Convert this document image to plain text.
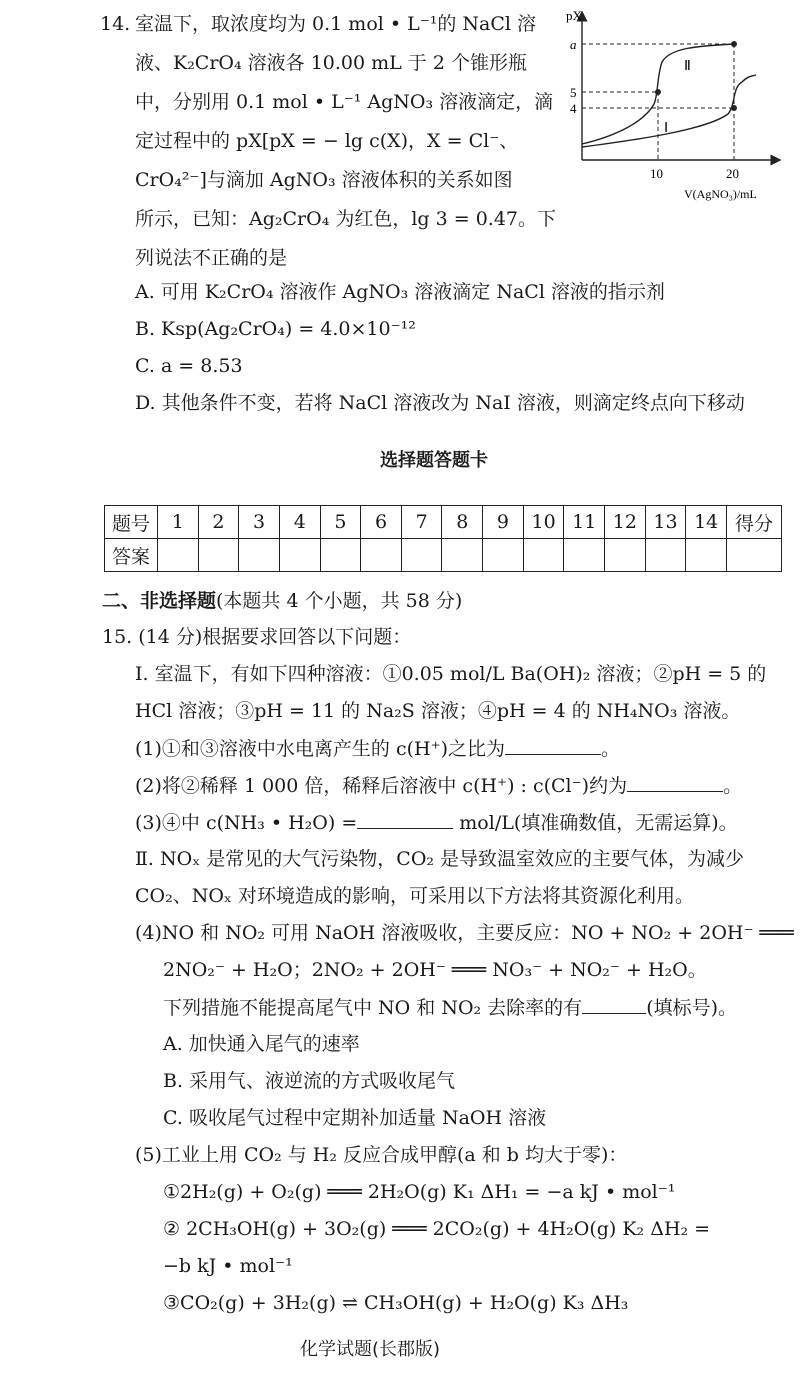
14. 室温下，取浓度均为 0.1 mol • L⁻¹的 NaCl 溶
液、K₂CrO₄ 溶液各 10.00 mL 于 2 个锥形瓶
中，分别用 0.1 mol • L⁻¹ AgNO₃ 溶液滴定，滴
定过程中的 pX[pX = − lg c(X)，X = Cl⁻、
CrO₄²⁻]与滴加 AgNO₃ 溶液体积的关系如图
所示，已知：Ag₂CrO₄ 为红色，lg 3 = 0.47。下
列说法不正确的是
A. 可用 K₂CrO₄ 溶液作 AgNO₃ 溶液滴定 NaCl 溶液的指示剂
B. Ksp(Ag₂CrO₄) = 4.0×10⁻¹²
C. a = 8.53
D. 其他条件不变，若将 NaCl 溶液改为 NaI 溶液，则滴定终点向下移动
pX
a
5
4
10	20
V(AgNO₃)/mL
Ⅱ
Ⅰ
选择题答题卡
题号	1	2	3	4	5	6	7	8	9	10	11	12	13	14	得分
答案															
二、非选择题(本题共 4 个小题，共 58 分)
15. (14 分)根据要求回答以下问题：
Ⅰ. 室温下，有如下四种溶液：①0.05 mol/L Ba(OH)₂ 溶液；②pH = 5 的
HCl 溶液；③pH = 11 的 Na₂S 溶液；④pH = 4 的 NH₄NO₃ 溶液。
(1)①和③溶液中水电离产生的 c(H⁺)之比为	。
(2)将②稀释 1 000 倍，稀释后溶液中 c(H⁺) : c(Cl⁻)约为	。
(3)④中 c(NH₃ • H₂O) =	mol/L(填准确数值，无需运算)。
Ⅱ. NOₓ 是常见的大气污染物，CO₂ 是导致温室效应的主要气体，为减少
CO₂、NOₓ 对环境造成的影响，可采用以下方法将其资源化利用。
(4)NO 和 NO₂ 可用 NaOH 溶液吸收，主要反应：NO + NO₂ + 2OH⁻ ═══
2NO₂⁻ + H₂O；2NO₂ + 2OH⁻ ═══ NO₃⁻ + NO₂⁻ + H₂O。
下列措施不能提高尾气中 NO 和 NO₂ 去除率的有	(填标号)。
A. 加快通入尾气的速率
B. 采用气、液逆流的方式吸收尾气
C. 吸收尾气过程中定期补加适量 NaOH 溶液
(5)工业上用 CO₂ 与 H₂ 反应合成甲醇(a 和 b 均大于零)：
①2H₂(g) + O₂(g) ═══ 2H₂O(g) K₁ ΔH₁ = −a kJ • mol⁻¹
② 2CH₃OH(g) + 3O₂(g) ═══ 2CO₂(g) + 4H₂O(g) K₂ ΔH₂ =
−b kJ • mol⁻¹
③CO₂(g) + 3H₂(g) ⇌ CH₃OH(g) + H₂O(g) K₃ ΔH₃
化学试题(长郡版)
